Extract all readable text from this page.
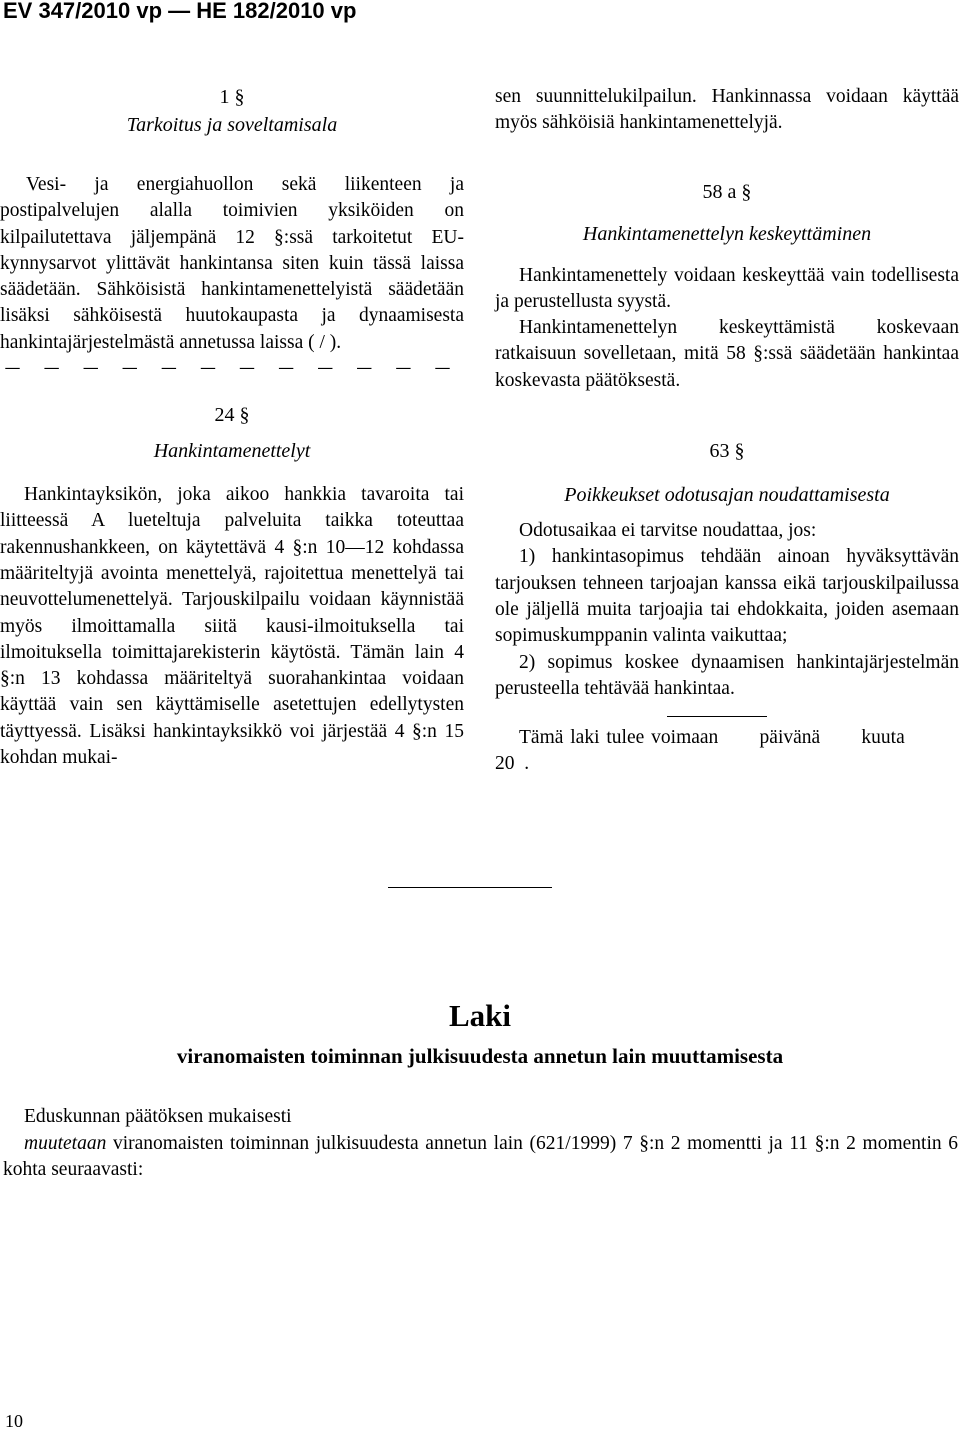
EV 347/2010 vp — HE 182/2010 vp
1 §
Tarkoitus ja soveltamisala

Vesi- ja energiahuollon sekä liikenteen ja postipalvelujen alalla toimivien yksiköiden on kilpailutettava jäljempänä 12 §:ssä tarkoitetut EU-kynnysarvot ylittävät hankintansa siten kuin tässä laissa säädetään. Sähköisistä hankintamenettelyistä säädetään lisäksi sähköisestä huutokaupasta ja dynaamisesta hankintajärjestelmästä annetussa laissa ( / ).

— — — — — — — — — — — —
24 §
Hankintamenettelyt

Hankintayksikön, joka aikoo hankkia tavaroita tai liitteessä A lueteltuja palveluita taikka toteuttaa rakennushankkeen, on käytettävä 4 §:n 10—12 kohdassa määriteltyjä avointa menettelyä, rajoitettua menettelyä tai neuvottelumenettelyä. Tarjouskilpailu voidaan käynnistää myös ilmoittamalla siitä kausi-ilmoituksella tai ilmoituksella toimittajarekisterin käytöstä. Tämän lain 4 §:n 13 kohdassa määriteltyä suorahankintaa voidaan käyttää vain sen käyttämiselle asetettujen edellytysten täyttyessä. Lisäksi hankintayksikkö voi järjestää 4 §:n 15 kohdan mukai-

sen suunnittelukilpailun. Hankinnassa voidaan käyttää myös sähköisiä hankintamenettelyjä.

58 a §
Hankintamenettelyn keskeyttäminen

Hankintamenettely voidaan keskeyttää vain todellisesta ja perustellusta syystä.

Hankintamenettelyn keskeyttämistä koskevaan ratkaisuun sovelletaan, mitä 58 §:ssä säädetään hankintaa koskevasta päätöksestä.

63 §
Poikkeukset odotusajan noudattamisesta

Odotusaikaa ei tarvitse noudattaa, jos:

1) hankintasopimus tehdään ainoan hyväksyttävän tarjouksen tehneen tarjoajan kanssa eikä tarjouskilpailussa ole jäljellä muita tarjoajia tai ehdokkaita, joiden asemaan sopimuskumppanin valinta vaikuttaa;

2) sopimus koskee dynaamisen hankintajärjestelmän perusteella tehtävää hankintaa.

Tämä laki tulee voimaan      päivänä      kuuta
20  .
Laki
viranomaisten toiminnan julkisuudesta annetun lain muuttamisesta
Eduskunnan päätöksen mukaisesti

muutetaan viranomaisten toiminnan julkisuudesta annetun lain (621/1999) 7 §:n 2 momentti ja 11 §:n 2 momentin 6 kohta seuraavasti:

10
